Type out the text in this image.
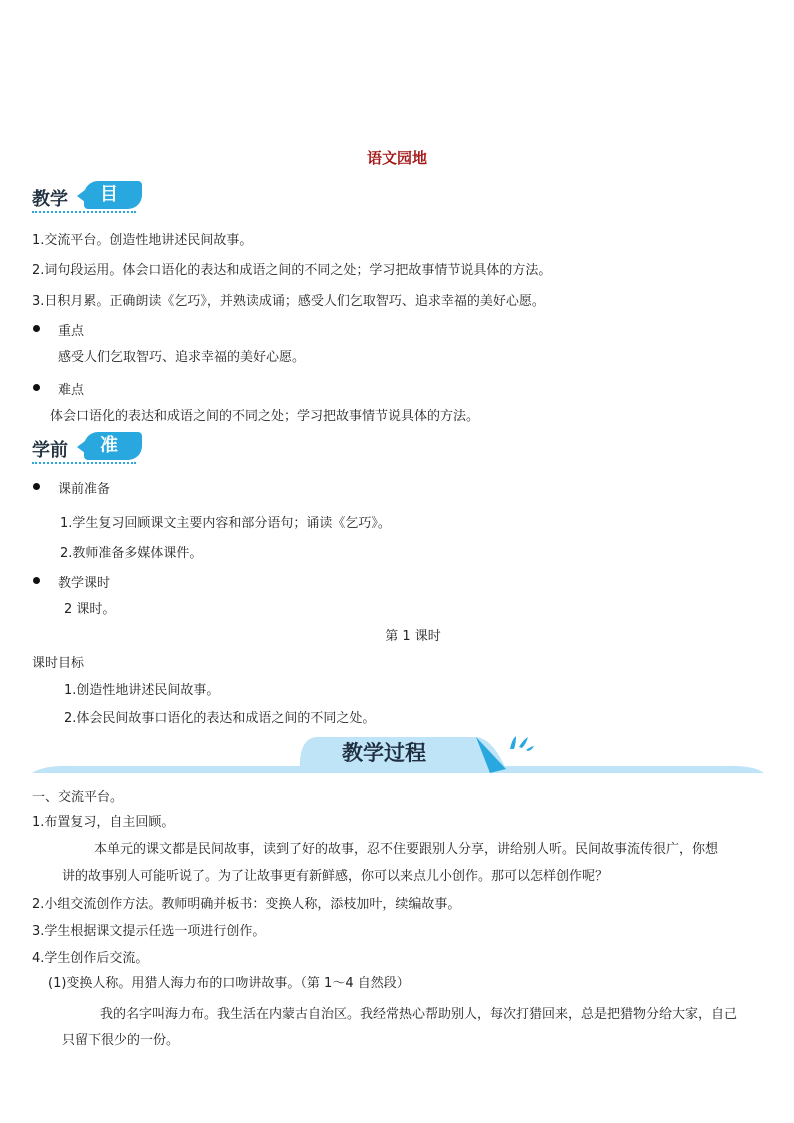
语文园地
教学	目标
1.交流平台。创造性地讲述民间故事。
2.词句段运用。体会口语化的表达和成语之间的不同之处；学习把故事情节说具体的方法。
3.日积月累。正确朗读《乞巧》，并熟读成诵；感受人们乞取智巧、追求幸福的美好心愿。
重点
感受人们乞取智巧、追求幸福的美好心愿。
难点
体会口语化的表达和成语之间的不同之处；学习把故事情节说具体的方法。
学前	准备
课前准备
1.学生复习回顾课文主要内容和部分语句；诵读《乞巧》。
2.教师准备多媒体课件。
教学课时
2 课时。
第 1 课时
课时目标
1.创造性地讲述民间故事。
2.体会民间故事口语化的表达和成语之间的不同之处。
教学过程
一、交流平台。
1.布置复习，自主回顾。
本单元的课文都是民间故事，读到了好的故事，忍不住要跟别人分享，讲给别人听。民间故事流传很广，你想
讲的故事别人可能听说了。为了让故事更有新鲜感，你可以来点儿小创作。那可以怎样创作呢？
2.小组交流创作方法。教师明确并板书：变换人称，添枝加叶，续编故事。
3.学生根据课文提示任选一项进行创作。
4.学生创作后交流。
(1)变换人称。用猎人海力布的口吻讲故事。（第 1～4 自然段）
我的名字叫海力布。我生活在内蒙古自治区。我经常热心帮助别人，每次打猎回来，总是把猎物分给大家，自己
只留下很少的一份。
